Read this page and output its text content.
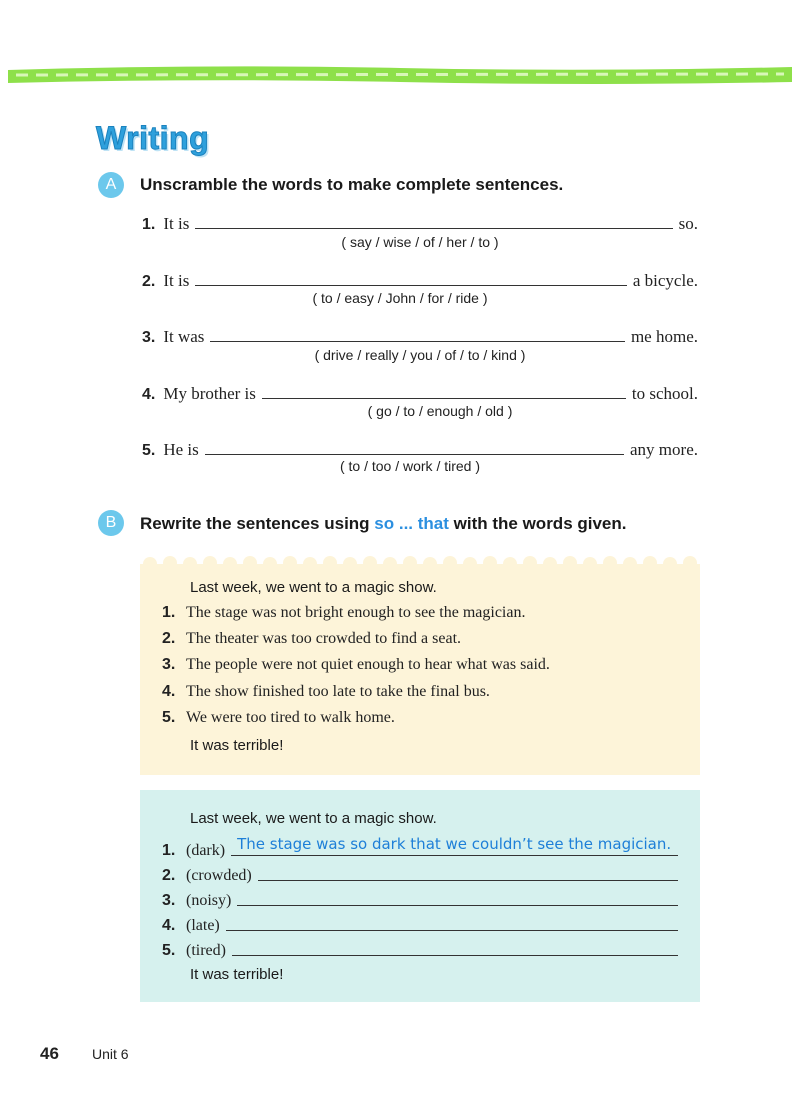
Writing
A	Unscramble the words to make complete sentences.
1. It is	so.
( say / wise / of / her / to )
2. It is	a bicycle.
( to / easy / John / for / ride )
3. It was	me home.
( drive / really / you / of / to / kind )
4. My brother is	to school.
( go / to / enough / old )
5. He is	any more.
( to / too / work / tired )
B	Rewrite the sentences using so ... that with the words given.
Last week, we went to a magic show.
1. The stage was not bright enough to see the magician.
2. The theater was too crowded to find a seat.
3. The people were not quiet enough to hear what was said.
4. The show finished too late to take the final bus.
5. We were too tired to walk home.
It was terrible!
Last week, we went to a magic show.
1. (dark) The stage was so dark that we couldn’t see the magician.
2. (crowded)
3. (noisy)
4. (late)
5. (tired)
It was terrible!
46 Unit 6
